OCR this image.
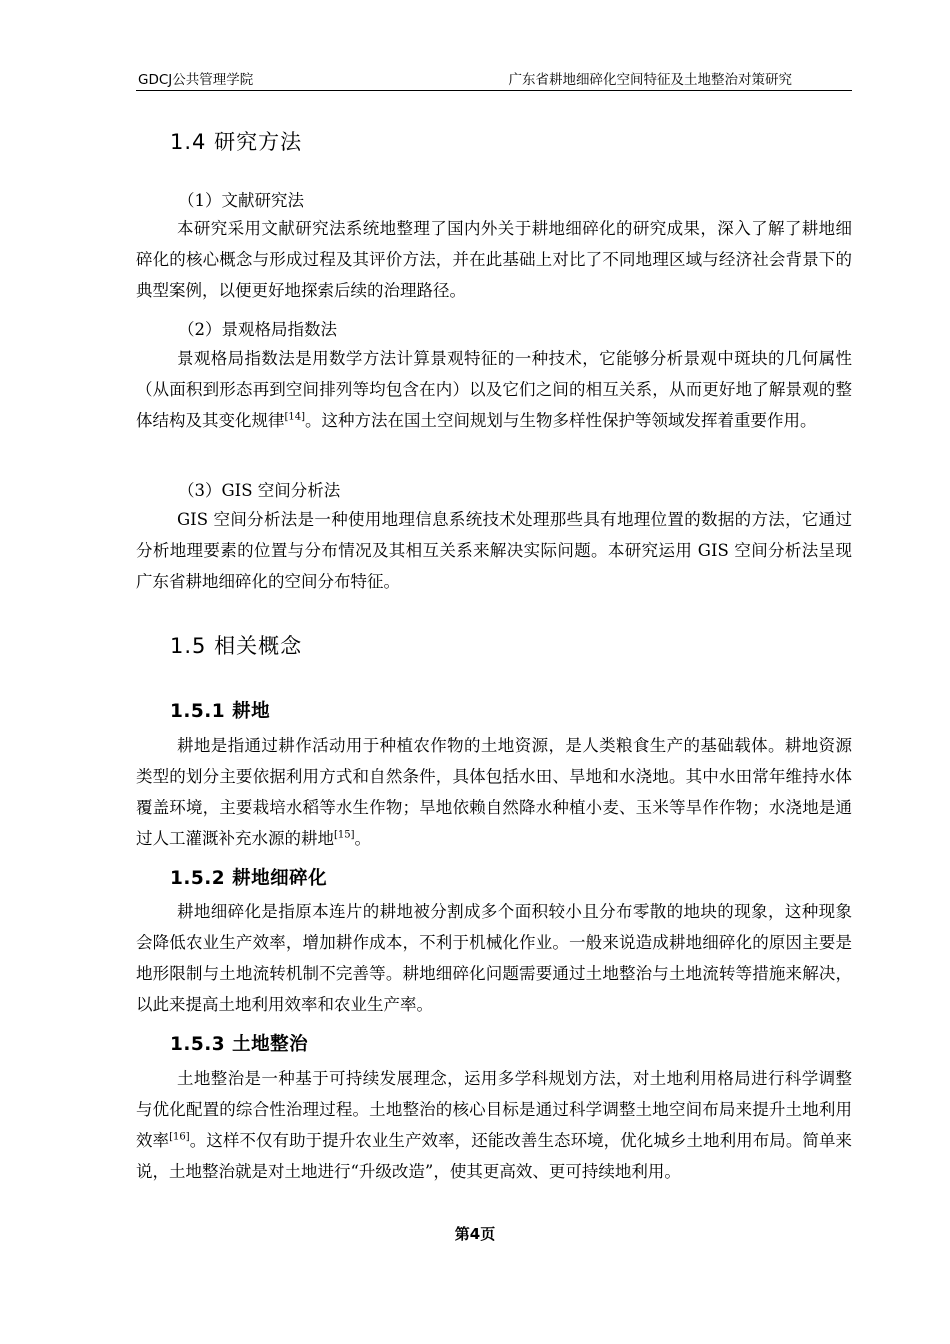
GDCJ公共管理学院	广东省耕地细碎化空间特征及土地整治对策研究
1.4 研究方法
（1）文献研究法

本研究采用文献研究法系统地整理了国内外关于耕地细碎化的研究成果，深入了解了耕地细碎化的核心概念与形成过程及其评价方法，并在此基础上对比了不同地理区域与经济社会背景下的典型案例，以便更好地探索后续的治理路径。

（2）景观格局指数法

景观格局指数法是用数学方法计算景观特征的一种技术，它能够分析景观中斑块的几何属性（从面积到形态再到空间排列等均包含在内）以及它们之间的相互关系，从而更好地了解景观的整体结构及其变化规律[14]。这种方法在国土空间规划与生物多样性保护等领域发挥着重要作用。

（3）GIS 空间分析法

GIS 空间分析法是一种使用地理信息系统技术处理那些具有地理位置的数据的方法，它通过分析地理要素的位置与分布情况及其相互关系来解决实际问题。本研究运用 GIS 空间分析法呈现广东省耕地细碎化的空间分布特征。

1.5 相关概念
1.5.1 耕地

耕地是指通过耕作活动用于种植农作物的土地资源，是人类粮食生产的基础载体。耕地资源类型的划分主要依据利用方式和自然条件，具体包括水田、旱地和水浇地。其中水田常年维持水体覆盖环境，主要栽培水稻等水生作物；旱地依赖自然降水种植小麦、玉米等旱作作物；水浇地是通过人工灌溉补充水源的耕地[15]。

1.5.2 耕地细碎化

耕地细碎化是指原本连片的耕地被分割成多个面积较小且分布零散的地块的现象，这种现象会降低农业生产效率，增加耕作成本，不利于机械化作业。一般来说造成耕地细碎化的原因主要是地形限制与土地流转机制不完善等。耕地细碎化问题需要通过土地整治与土地流转等措施来解决，以此来提高土地利用效率和农业生产率。

1.5.3 土地整治

土地整治是一种基于可持续发展理念，运用多学科规划方法，对土地利用格局进行科学调整与优化配置的综合性治理过程。土地整治的核心目标是通过科学调整土地空间布局来提升土地利用效率[16]。这样不仅有助于提升农业生产效率，还能改善生态环境，优化城乡土地利用布局。简单来说，土地整治就是对土地进行“升级改造”，使其更高效、更可持续地利用。

第4页
